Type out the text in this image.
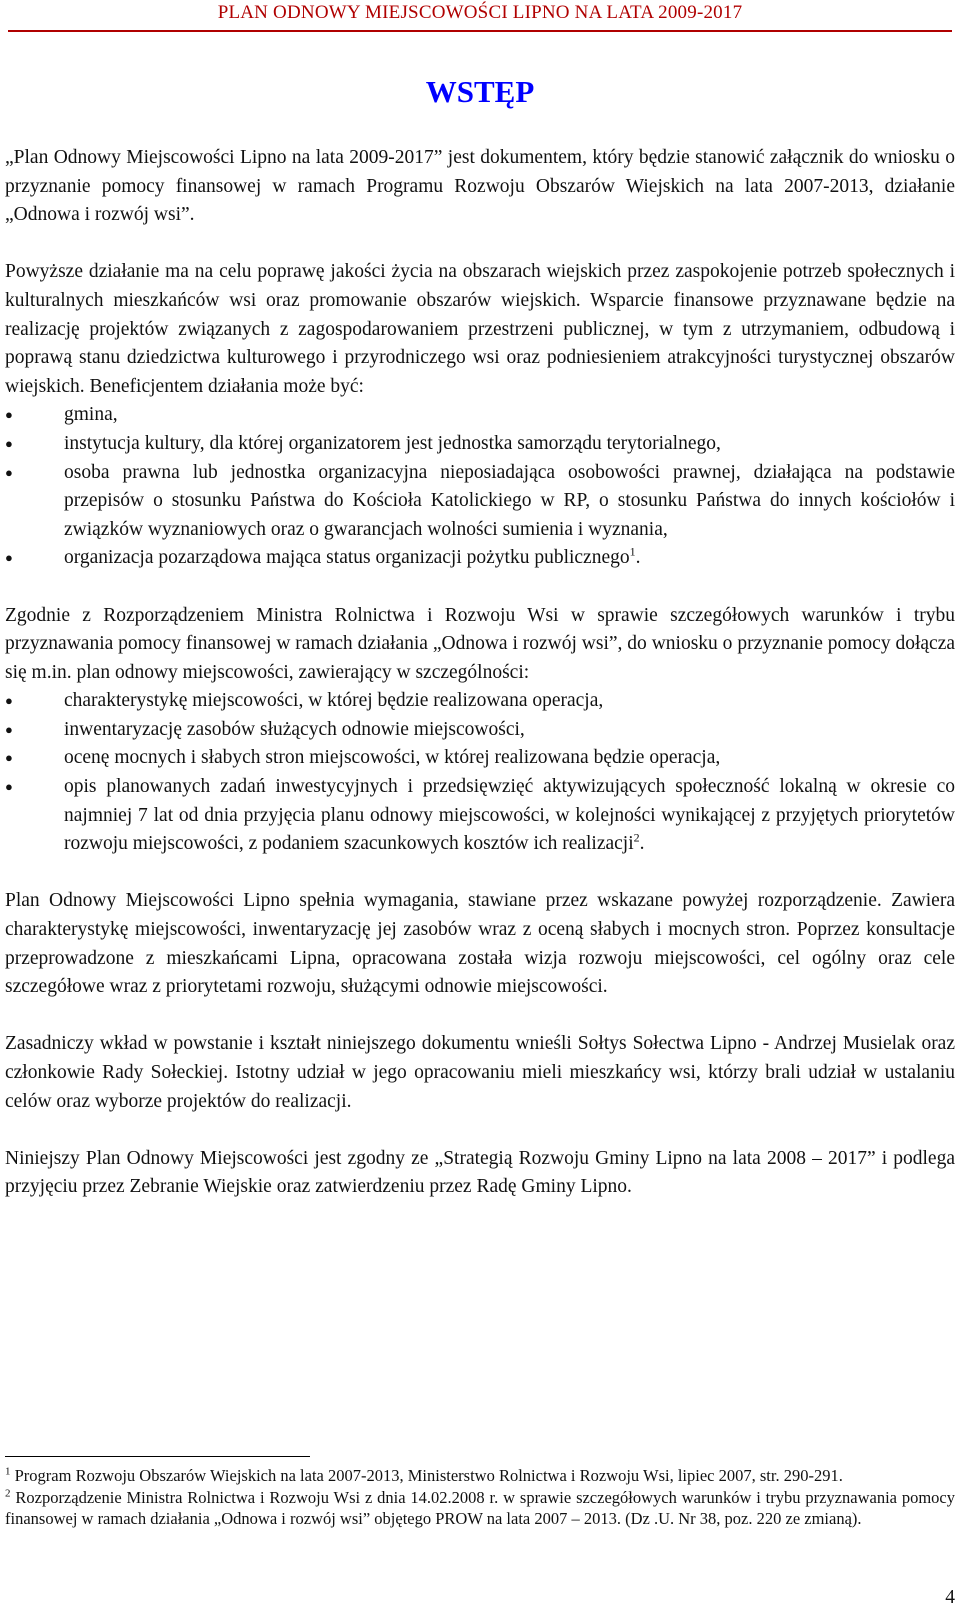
PLAN ODNOWY MIEJSCOWOŚCI LIPNO NA LATA 2009-2017
WSTĘP

„Plan Odnowy Miejscowości Lipno na lata 2009-2017” jest dokumentem, który będzie stanowić załącznik do wniosku o przyznanie pomocy finansowej w ramach Programu Rozwoju Obszarów Wiejskich na lata 2007-2013, działanie „Odnowa i rozwój wsi”.

Powyższe działanie ma na celu poprawę jakości życia na obszarach wiejskich przez zaspokojenie potrzeb społecznych i kulturalnych mieszkańców wsi oraz promowanie obszarów wiejskich. Wsparcie finansowe przyznawane będzie na realizację projektów związanych z zagospodarowaniem przestrzeni publicznej, w tym z utrzymaniem, odbudową i poprawą stanu dziedzictwa kulturowego i przyrodniczego wsi oraz podniesieniem atrakcyjności turystycznej obszarów wiejskich. Beneficjentem działania może być:

● gmina,
● instytucja kultury, dla której organizatorem jest jednostka samorządu terytorialnego,
● osoba prawna lub jednostka organizacyjna nieposiadająca osobowości prawnej, działająca na podstawie przepisów o stosunku Państwa do Kościoła Katolickiego w RP, o stosunku Państwa do innych kościołów i związków wyznaniowych oraz o gwarancjach wolności sumienia i wyznania,
● organizacja pozarządowa mająca status organizacji pożytku publicznego$^1$.

Zgodnie z Rozporządzeniem Ministra Rolnictwa i Rozwoju Wsi w sprawie szczegółowych warunków i trybu przyznawania pomocy finansowej w ramach działania „Odnowa i rozwój wsi”, do wniosku o przyznanie pomocy dołącza się m.in. plan odnowy miejscowości, zawierający w szczególności:

● charakterystykę miejscowości, w której będzie realizowana operacja,
● inwentaryzację zasobów służących odnowie miejscowości,
● ocenę mocnych i słabych stron miejscowości, w której realizowana będzie operacja,
● opis planowanych zadań inwestycyjnych i przedsięwzięć aktywizujących społeczność lokalną w okresie co najmniej 7 lat od dnia przyjęcia planu odnowy miejscowości, w kolejności wynikającej z przyjętych priorytetów rozwoju miejscowości, z podaniem szacunkowych kosztów ich realizacji$^2$.

Plan Odnowy Miejscowości Lipno spełnia wymagania, stawiane przez wskazane powyżej rozporządzenie. Zawiera charakterystykę miejscowości, inwentaryzację jej zasobów wraz z oceną słabych i mocnych stron. Poprzez konsultacje przeprowadzone z mieszkańcami Lipna, opracowana została wizja rozwoju miejscowości, cel ogólny oraz cele szczegółowe wraz z priorytetami rozwoju, służącymi odnowie miejscowości.

Zasadniczy wkład w powstanie i kształt niniejszego dokumentu wnieśli Sołtys Sołectwa Lipno - Andrzej Musielak oraz członkowie Rady Sołeckiej. Istotny udział w jego opracowaniu mieli mieszkańcy wsi, którzy brali udział w ustalaniu celów oraz wyborze projektów do realizacji.

Niniejszy Plan Odnowy Miejscowości jest zgodny ze „Strategią Rozwoju Gminy Lipno na lata 2008 – 2017” i podlega przyjęciu przez Zebranie Wiejskie oraz zatwierdzeniu przez Radę Gminy Lipno.

$^1$ Program Rozwoju Obszarów Wiejskich na lata 2007-2013, Ministerstwo Rolnictwa i Rozwoju Wsi, lipiec 2007, str. 290-291.

$^2$ Rozporządzenie Ministra Rolnictwa i Rozwoju Wsi z dnia 14.02.2008 r. w sprawie szczegółowych warunków i trybu przyznawania pomocy finansowej w ramach działania „Odnowa i rozwój wsi” objętego PROW na lata 2007 – 2013. (Dz .U. Nr 38, poz. 220 ze zmianą).

4
